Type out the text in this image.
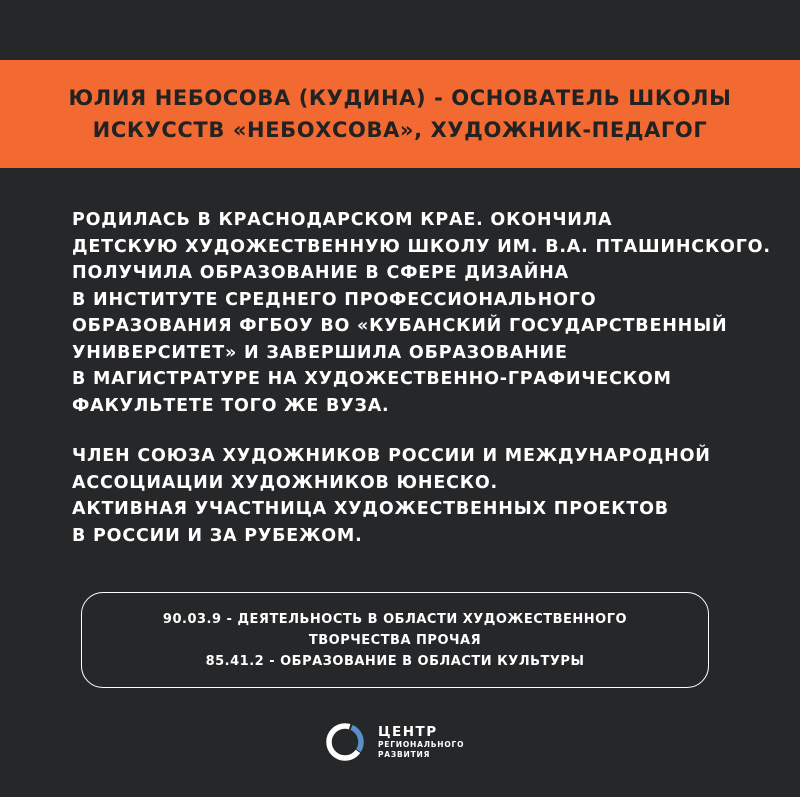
ЮЛИЯ НЕБОСОВА (КУДИНА) - ОСНОВАТЕЛЬ ШКОЛЫ
ИСКУССТВ «НЕБОXСОВА», ХУДОЖНИК-ПЕДАГОГ
РОДИЛАСЬ В КРАСНОДАРСКОМ КРАЕ. ОКОНЧИЛА
ДЕТСКУЮ ХУДОЖЕСТВЕННУЮ ШКОЛУ ИМ. В.А. ПТАШИНСКОГО.
ПОЛУЧИЛА ОБРАЗОВАНИЕ В СФЕРЕ ДИЗАЙНА
В ИНСТИТУТЕ СРЕДНЕГО ПРОФЕССИОНАЛЬНОГО
ОБРАЗОВАНИЯ ФГБОУ ВО «КУБАНСКИЙ ГОСУДАРСТВЕННЫЙ
УНИВЕРСИТЕТ» И ЗАВЕРШИЛА ОБРАЗОВАНИЕ
В МАГИСТРАТУРЕ НА ХУДОЖЕСТВЕННО-ГРАФИЧЕСКОМ
ФАКУЛЬТЕТЕ ТОГО ЖЕ ВУЗА.
ЧЛЕН СОЮЗА ХУДОЖНИКОВ РОССИИ И МЕЖДУНАРОДНОЙ
АССОЦИАЦИИ ХУДОЖНИКОВ ЮНЕСКО.
АКТИВНАЯ УЧАСТНИЦА ХУДОЖЕСТВЕННЫХ ПРОЕКТОВ
В РОССИИ И ЗА РУБЕЖОМ.
90.03.9 - ДЕЯТЕЛЬНОСТЬ В ОБЛАСТИ ХУДОЖЕСТВЕННОГО
ТВОРЧЕСТВА ПРОЧАЯ
85.41.2 - ОБРАЗОВАНИЕ В ОБЛАСТИ КУЛЬТУРЫ
ЦЕНТР
РЕГИОНАЛЬНОГО
РАЗВИТИЯ
